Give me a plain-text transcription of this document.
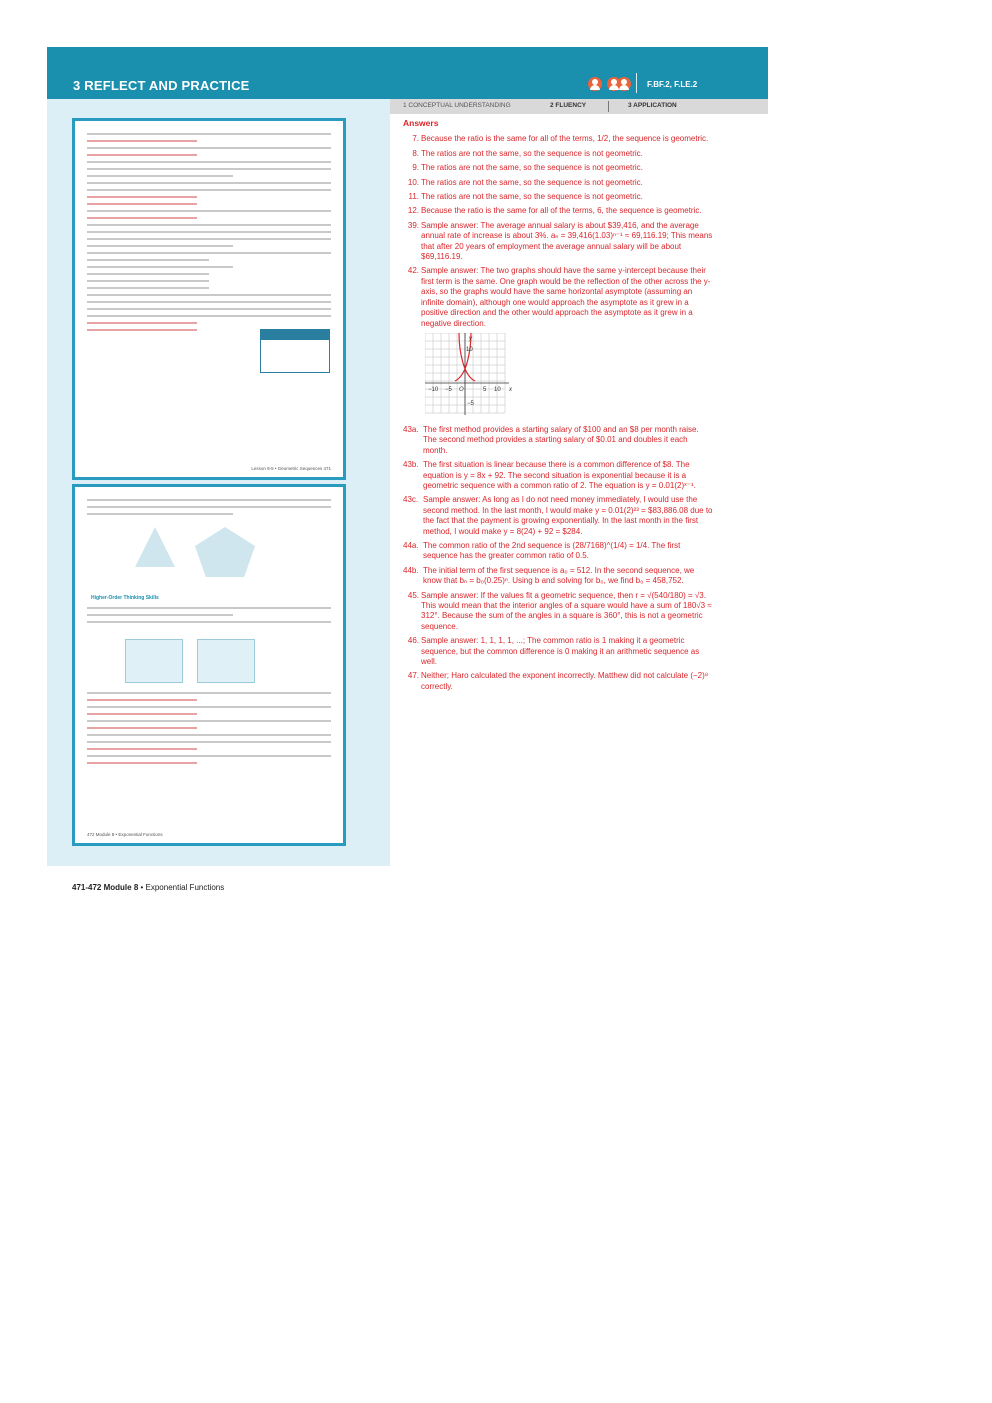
3 REFLECT AND PRACTICE	F.BF.2, F.LE.2
1 CONCEPTUAL UNDERSTANDING	2 FLUENCY	3 APPLICATION
Lesson 8-5 • Geometric Sequences 471
Higher-Order Thinking Skills
472 Module 8 • Exponential Functions
471-472 Module 8 • Exponential Functions
Answers
7. Because the ratio is the same for all of the terms, 1/2, the sequence is geometric.
8. The ratios are not the same, so the sequence is not geometric.
9. The ratios are not the same, so the sequence is not geometric.
10. The ratios are not the same, so the sequence is not geometric.
11. The ratios are not the same, so the sequence is not geometric.
12. Because the ratio is the same for all of the terms, 6, the sequence is geometric.
39. Sample answer: The average annual salary is about $39,416, and the average annual rate of increase is about 3%. aₙ = 39,416(1.03)ⁿ⁻¹ ≈ 69,116.19; This means that after 20 years of employment the average annual salary will be about $69,116.19.
42. Sample answer: The two graphs should have the same y-intercept because their first term is the same. One graph would be the reflection of the other across the y-axis, so the graphs would have the same horizontal asymptote (assuming an infinite domain), although one would approach the asymptote as it grew in a positive direction and the other would approach the asymptote as it grew in a negative direction.
−10 −5 O	5 10 x
y
10
−5
43a. The first method provides a starting salary of $100 and an $8 per month raise. The second method provides a starting salary of $0.01 and doubles it each month.
43b. The first situation is linear because there is a common difference of $8. The equation is y = 8x + 92. The second situation is exponential because it is a geometric sequence with a common ratio of 2. The equation is y = 0.01(2)ˣ⁻¹.
43c. Sample answer: As long as I do not need money immediately, I would use the second method. In the last month, I would make y = 0.01(2)²³ = $83,886.08 due to the fact that the payment is growing exponentially. In the last month in the first method, I would make y = 8(24) + 92 = $284.
44a. The common ratio of the 2nd sequence is (28/7168)^(1/4) = 1/4. The first sequence has the greater common ratio of 0.5.
44b. The initial term of the first sequence is a₀ = 512. In the second sequence, we know that bₙ = b₀(0.25)ⁿ. Using b and solving for b₀, we find b₀ = 458,752.
45. Sample answer: If the values fit a geometric sequence, then r = √(540/180) = √3. This would mean that the interior angles of a square would have a sum of 180√3 ≈ 312°. Because the sum of the angles in a square is 360°, this is not a geometric sequence.
46. Sample answer: 1, 1, 1, 1, ...; The common ratio is 1 making it a geometric sequence, but the common difference is 0 making it an arithmetic sequence as well.
47. Neither; Haro calculated the exponent incorrectly. Matthew did not calculate (−2)⁸ correctly.
